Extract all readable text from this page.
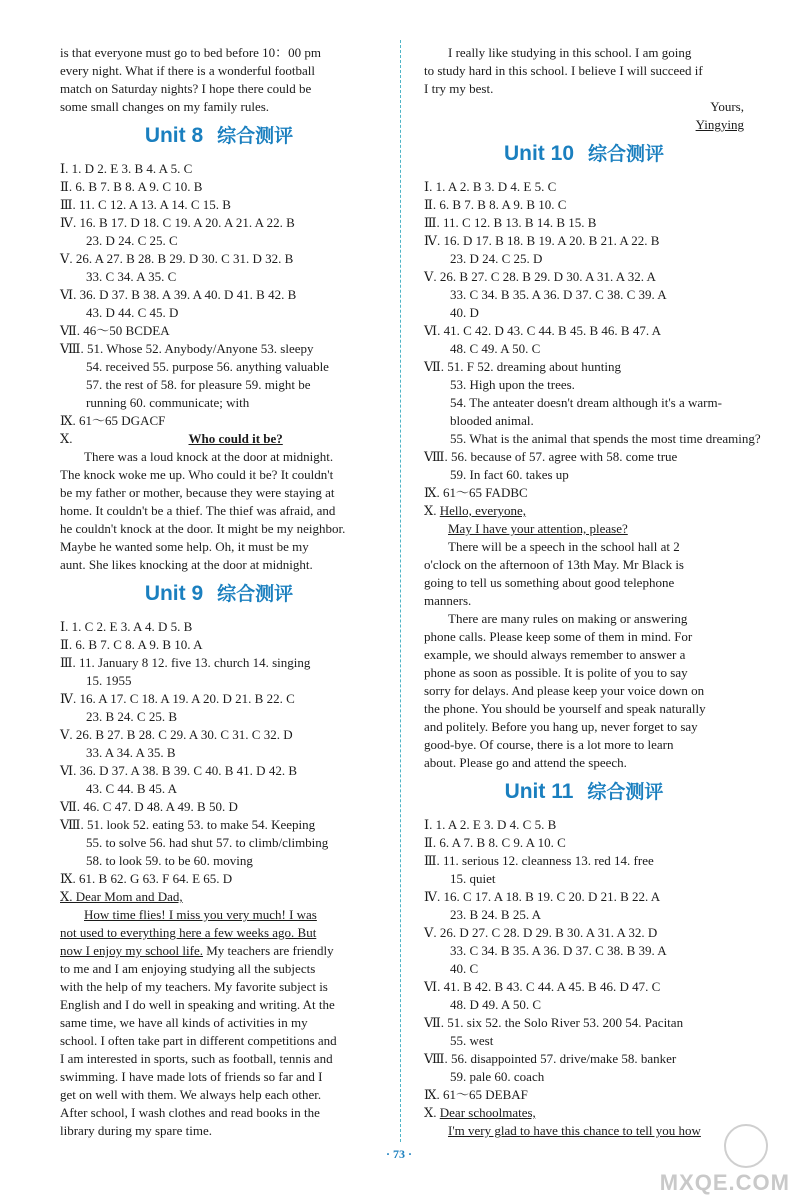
is that everyone must go to bed before 10：00 pm
every night. What if there is a wonderful football
match on Saturday nights? I hope there could be
some small changes on my family rules.
Unit 8 综合测评
Ⅰ. 1. D 2. E 3. B 4. A 5. C
Ⅱ. 6. B 7. B 8. A 9. C 10. B
Ⅲ. 11. C 12. A 13. A 14. C 15. B
Ⅳ. 16. B 17. D 18. C 19. A 20. A 21. A 22. B
23. D 24. C 25. C
Ⅴ. 26. A 27. B 28. B 29. D 30. C 31. D 32. B
33. C 34. A 35. C
Ⅵ. 36. D 37. B 38. A 39. A 40. D 41. B 42. B
43. D 44. C 45. D
Ⅶ. 46～50 BCDEA
Ⅷ. 51. Whose 52. Anybody/Anyone 53. sleepy
54. received 55. purpose 56. anything valuable
57. the rest of 58. for pleasure 59. might be
running 60. communicate; with
Ⅸ. 61～65 DGACF
Ⅹ.	Who could it be?
There was a loud knock at the door at midnight.
The knock woke me up. Who could it be? It couldn't
be my father or mother, because they were staying at
home. It couldn't be a thief. The thief was afraid, and
he couldn't knock at the door. It might be my neighbor.
Maybe he wanted some help. Oh, it must be my
aunt. She likes knocking at the door at midnight.
Unit 9 综合测评
Ⅰ. 1. C 2. E 3. A 4. D 5. B
Ⅱ. 6. B 7. C 8. A 9. B 10. A
Ⅲ. 11. January 8 12. five 13. church 14. singing
15. 1955
Ⅳ. 16. A 17. C 18. A 19. A 20. D 21. B 22. C
23. B 24. C 25. B
Ⅴ. 26. B 27. B 28. C 29. A 30. C 31. C 32. D
33. A 34. A 35. B
Ⅵ. 36. D 37. A 38. B 39. C 40. B 41. D 42. B
43. C 44. B 45. A
Ⅶ. 46. C 47. D 48. A 49. B 50. D
Ⅷ. 51. look 52. eating 53. to make 54. Keeping
55. to solve 56. had shut 57. to climb/climbing
58. to look 59. to be 60. moving
Ⅸ. 61. B 62. G 63. F 64. E 65. D
Ⅹ. Dear Mom and Dad,
How time flies! I miss you very much! I was
not used to everything here a few weeks ago. But
now I enjoy my school life. My teachers are friendly
to me and I am enjoying studying all the subjects
with the help of my teachers. My favorite subject is
English and I do well in speaking and writing. At the
same time, we have all kinds of activities in my
school. I often take part in different competitions and
I am interested in sports, such as football, tennis and
swimming. I have made lots of friends so far and I
get on well with them. We always help each other.
After school, I wash clothes and read books in the
library during my spare time.
I really like studying in this school. I am going
to study hard in this school. I believe I will succeed if
I try my best.
Yours,
Yingying
Unit 10 综合测评
Ⅰ. 1. A 2. B 3. D 4. E 5. C
Ⅱ. 6. B 7. B 8. A 9. B 10. C
Ⅲ. 11. C 12. B 13. B 14. B 15. B
Ⅳ. 16. D 17. B 18. B 19. A 20. B 21. A 22. B
23. D 24. C 25. D
Ⅴ. 26. B 27. C 28. B 29. D 30. A 31. A 32. A
33. C 34. B 35. A 36. D 37. C 38. C 39. A
40. D
Ⅵ. 41. C 42. D 43. C 44. B 45. B 46. B 47. A
48. C 49. A 50. C
Ⅶ. 51. F 52. dreaming about hunting
53. High upon the trees.
54. The anteater doesn't dream although it's a warm-
blooded animal.
55. What is the animal that spends the most time dreaming?
Ⅷ. 56. because of 57. agree with 58. come true
59. In fact 60. takes up
Ⅸ. 61～65 FADBC
Ⅹ. Hello, everyone,
May I have your attention, please?
There will be a speech in the school hall at 2
o'clock on the afternoon of 13th May. Mr Black is
going to tell us something about good telephone
manners.
There are many rules on making or answering
phone calls. Please keep some of them in mind. For
example, we should always remember to answer a
phone as soon as possible. It is polite of you to say
sorry for delays. And please keep your voice down on
the phone. You should be yourself and speak naturally
and politely. Before you hang up, never forget to say
good-bye. Of course, there is a lot more to learn
about. Please go and attend the speech.
Unit 11 综合测评
Ⅰ. 1. A 2. E 3. D 4. C 5. B
Ⅱ. 6. A 7. B 8. C 9. A 10. C
Ⅲ. 11. serious 12. cleanness 13. red 14. free
15. quiet
Ⅳ. 16. C 17. A 18. B 19. C 20. D 21. B 22. A
23. B 24. B 25. A
Ⅴ. 26. D 27. C 28. D 29. B 30. A 31. A 32. D
33. C 34. B 35. A 36. D 37. C 38. B 39. A
40. C
Ⅵ. 41. B 42. B 43. C 44. A 45. B 46. D 47. C
48. D 49. A 50. C
Ⅶ. 51. six 52. the Solo River 53. 200 54. Pacitan
55. west
Ⅷ. 56. disappointed 57. drive/make 58. banker
59. pale 60. coach
Ⅸ. 61～65 DEBAF
Ⅹ. Dear schoolmates,
I'm very glad to have this chance to tell you how
· 73 ·
MXQE.COM
